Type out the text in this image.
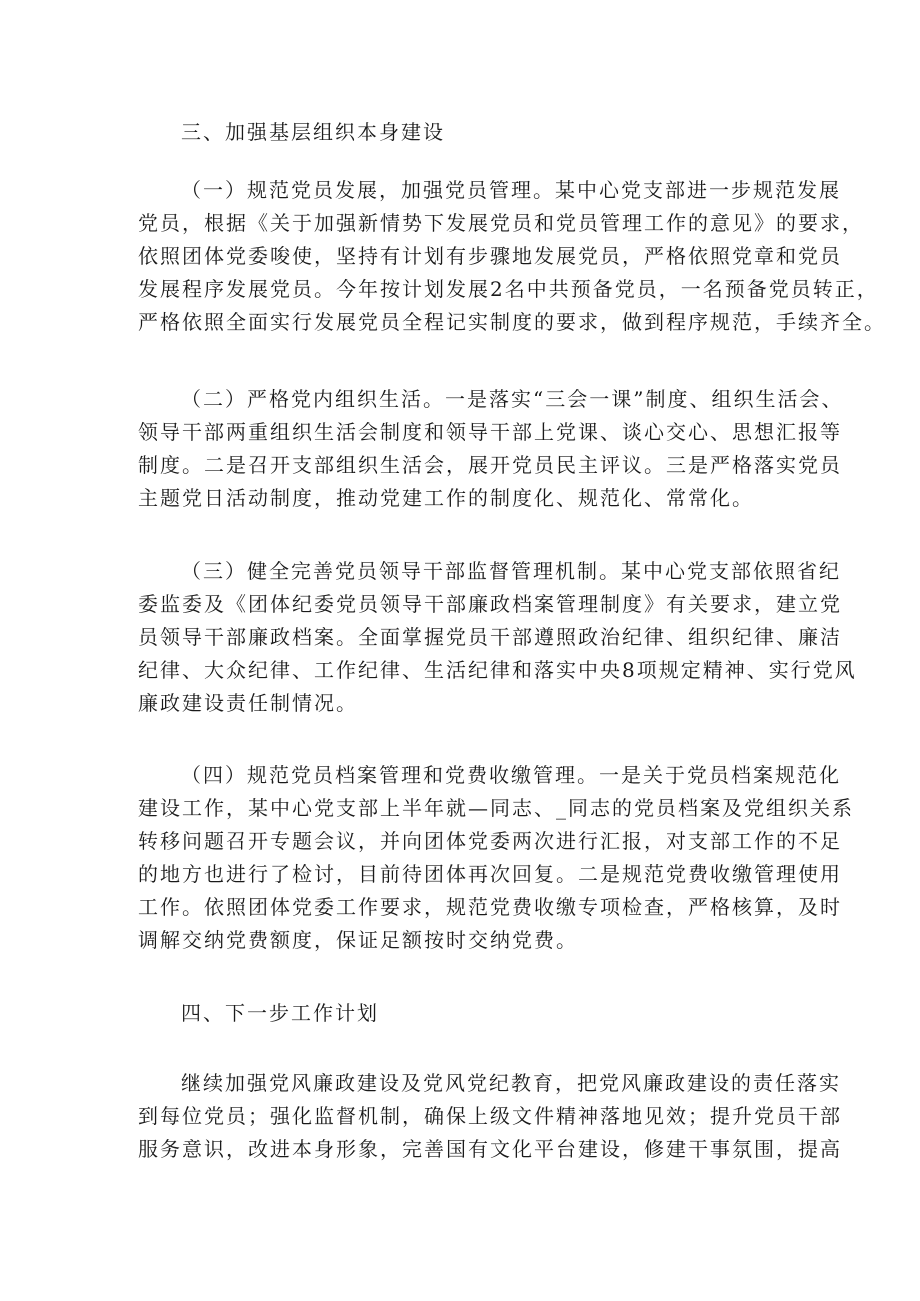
三、加强基层组织本身建设
（一）规范党员发展，加强党员管理。某中心党支部进一步规范发展
党员，根据《关于加强新情势下发展党员和党员管理工作的意见》的要求，
依照团体党委唆使，坚持有计划有步骤地发展党员，严格依照党章和党员
发展程序发展党员。今年按计划发展2名中共预备党员，一名预备党员转正，
严格依照全面实行发展党员全程记实制度的要求，做到程序规范，手续齐全。
（二）严格党内组织生活。一是落实“三会一课”制度、组织生活会、
领导干部两重组织生活会制度和领导干部上党课、谈心交心、思想汇报等
制度。二是召开支部组织生活会，展开党员民主评议。三是严格落实党员
主题党日活动制度，推动党建工作的制度化、规范化、常常化。
（三）健全完善党员领导干部监督管理机制。某中心党支部依照省纪
委监委及《团体纪委党员领导干部廉政档案管理制度》有关要求，建立党
员领导干部廉政档案。全面掌握党员干部遵照政治纪律、组织纪律、廉洁
纪律、大众纪律、工作纪律、生活纪律和落实中央8项规定精神、实行党风
廉政建设责任制情况。
（四）规范党员档案管理和党费收缴管理。一是关于党员档案规范化
建设工作，某中心党支部上半年就—同志、_同志的党员档案及党组织关系
转移问题召开专题会议，并向团体党委两次进行汇报，对支部工作的不足
的地方也进行了检讨，目前待团体再次回复。二是规范党费收缴管理使用
工作。依照团体党委工作要求，规范党费收缴专项检查，严格核算，及时
调解交纳党费额度，保证足额按时交纳党费。
四、下一步工作计划
继续加强党风廉政建设及党风党纪教育，把党风廉政建设的责任落实
到每位党员；强化监督机制，确保上级文件精神落地见效；提升党员干部
服务意识，改进本身形象，完善国有文化平台建设，修建干事氛围，提高
